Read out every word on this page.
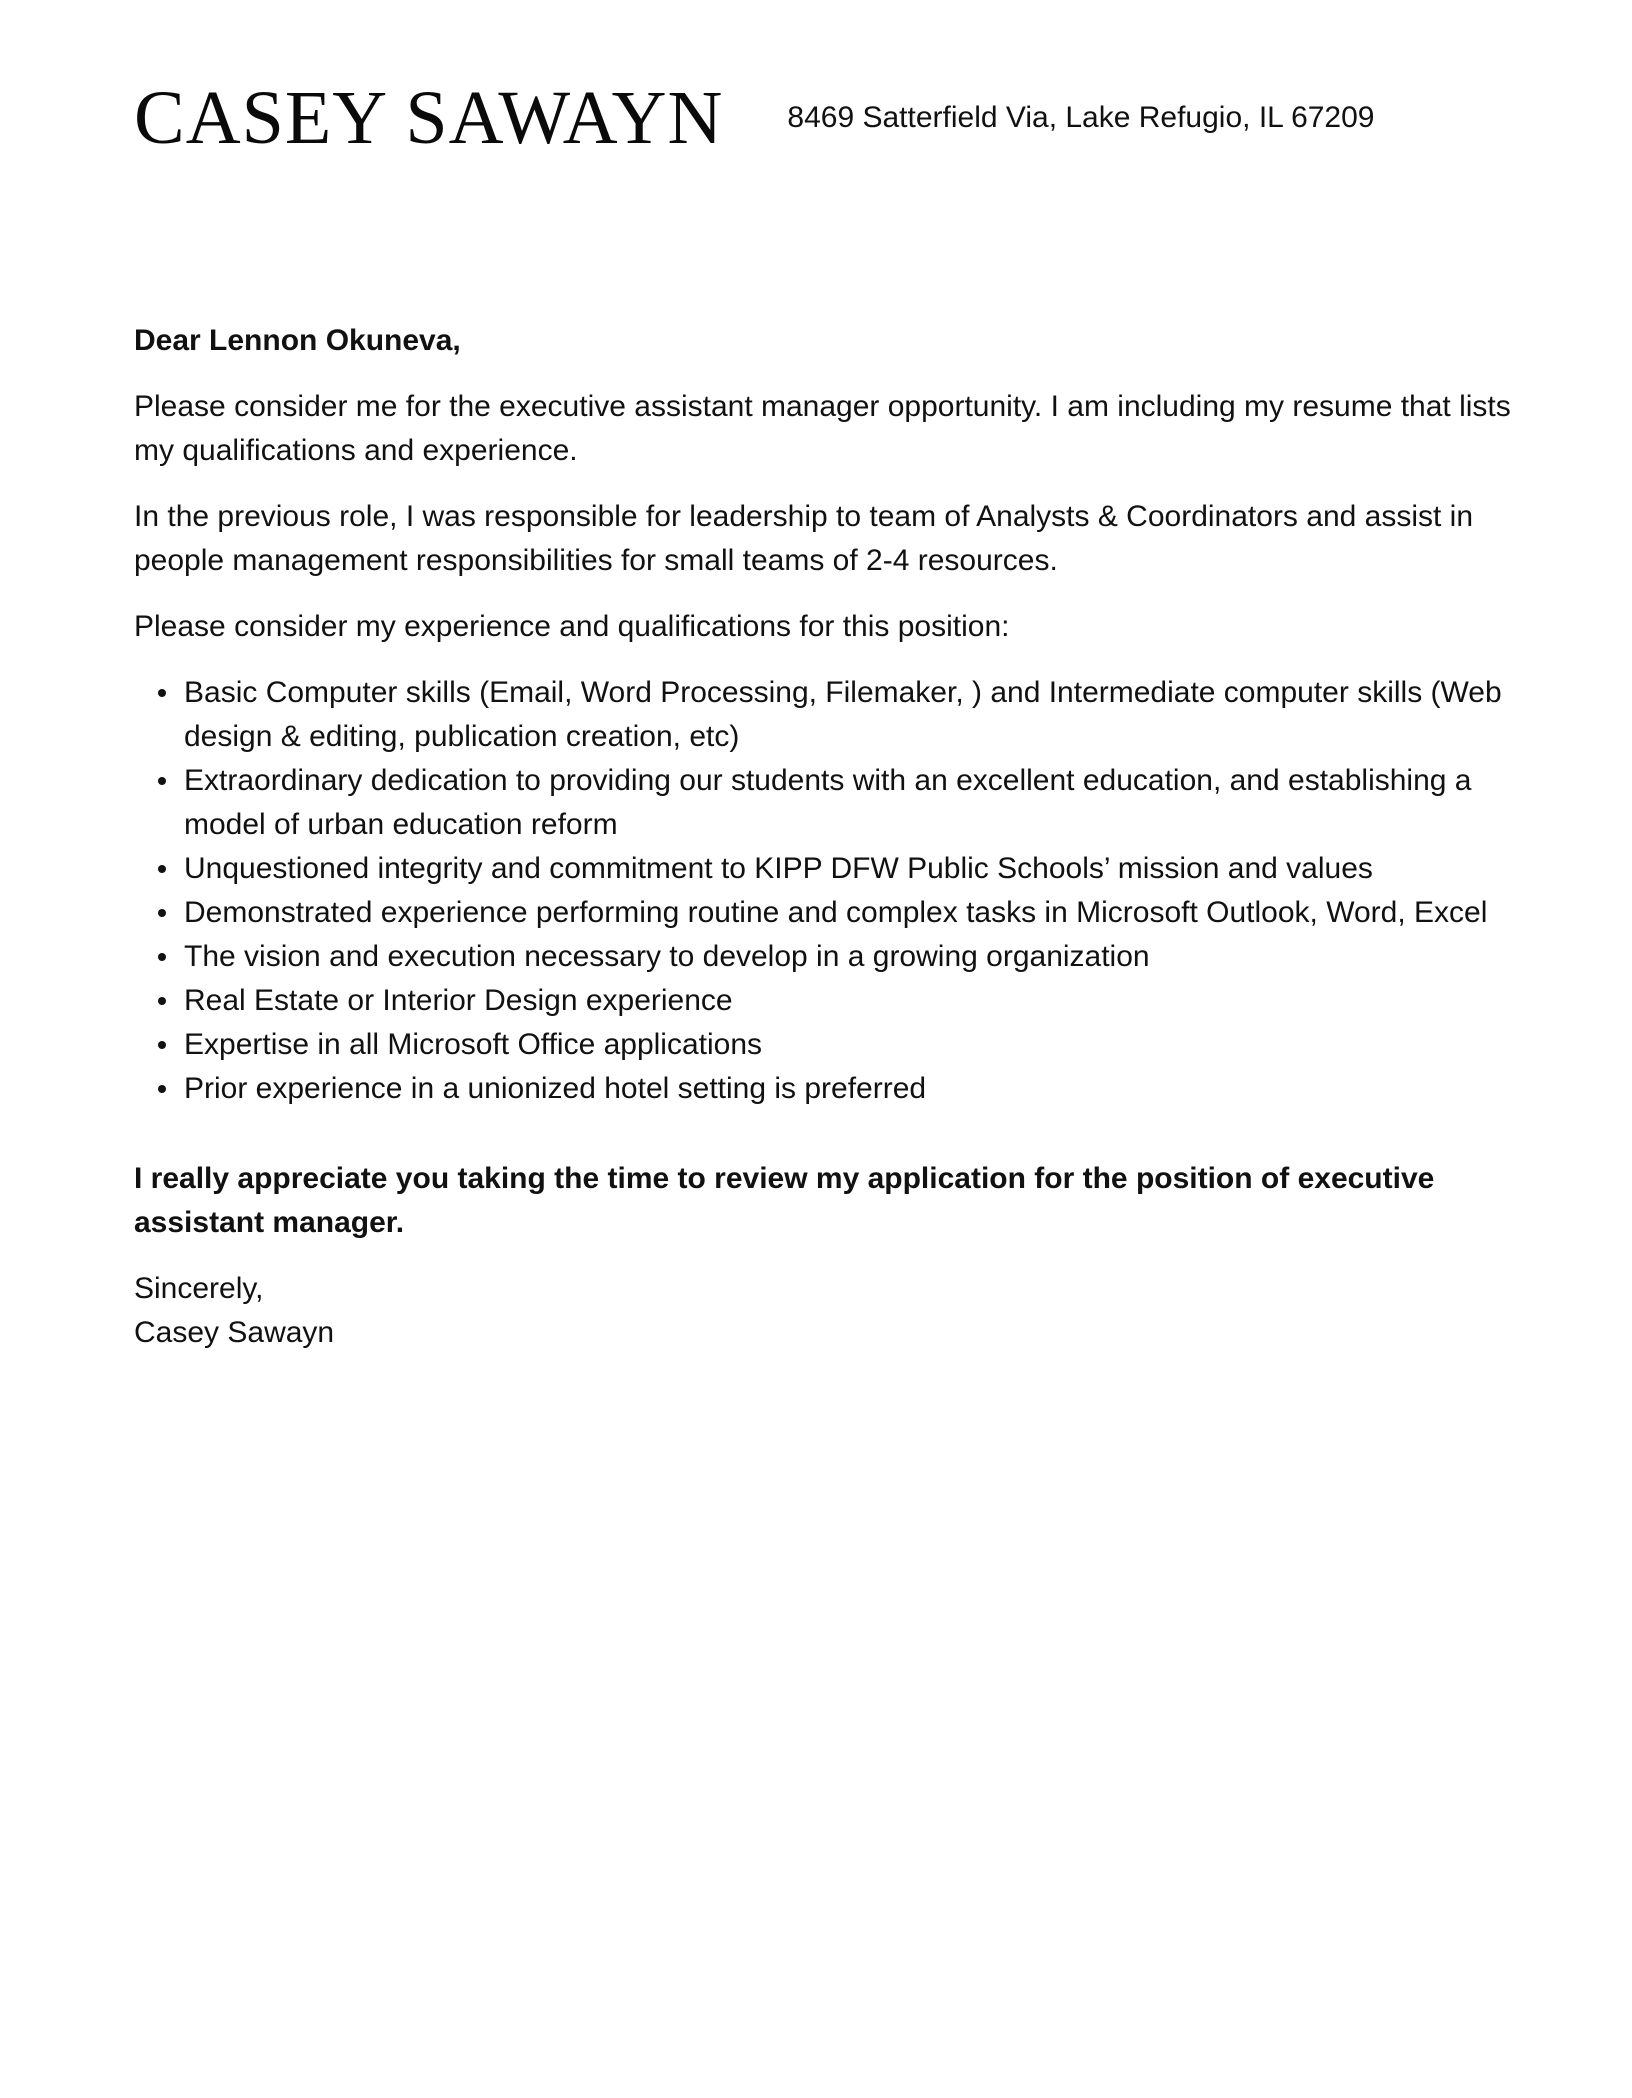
CASEY SAWAYN 8469 Satterfield Via, Lake Refugio, IL 67209

Dear Lennon Okuneva,

Please consider me for the executive assistant manager opportunity. I am including my resume that lists my qualifications and experience.

In the previous role, I was responsible for leadership to team of Analysts & Coordinators and assist in people management responsibilities for small teams of 2-4 resources.

Please consider my experience and qualifications for this position:

Basic Computer skills (Email, Word Processing, Filemaker, ) and Intermediate computer skills (Web design & editing, publication creation, etc)
Extraordinary dedication to providing our students with an excellent education, and establishing a model of urban education reform
Unquestioned integrity and commitment to KIPP DFW Public Schools’ mission and values
Demonstrated experience performing routine and complex tasks in Microsoft Outlook, Word, Excel
The vision and execution necessary to develop in a growing organization
Real Estate or Interior Design experience
Expertise in all Microsoft Office applications
Prior experience in a unionized hotel setting is preferred

I really appreciate you taking the time to review my application for the position of executive assistant manager.

Sincerely,
Casey Sawayn
